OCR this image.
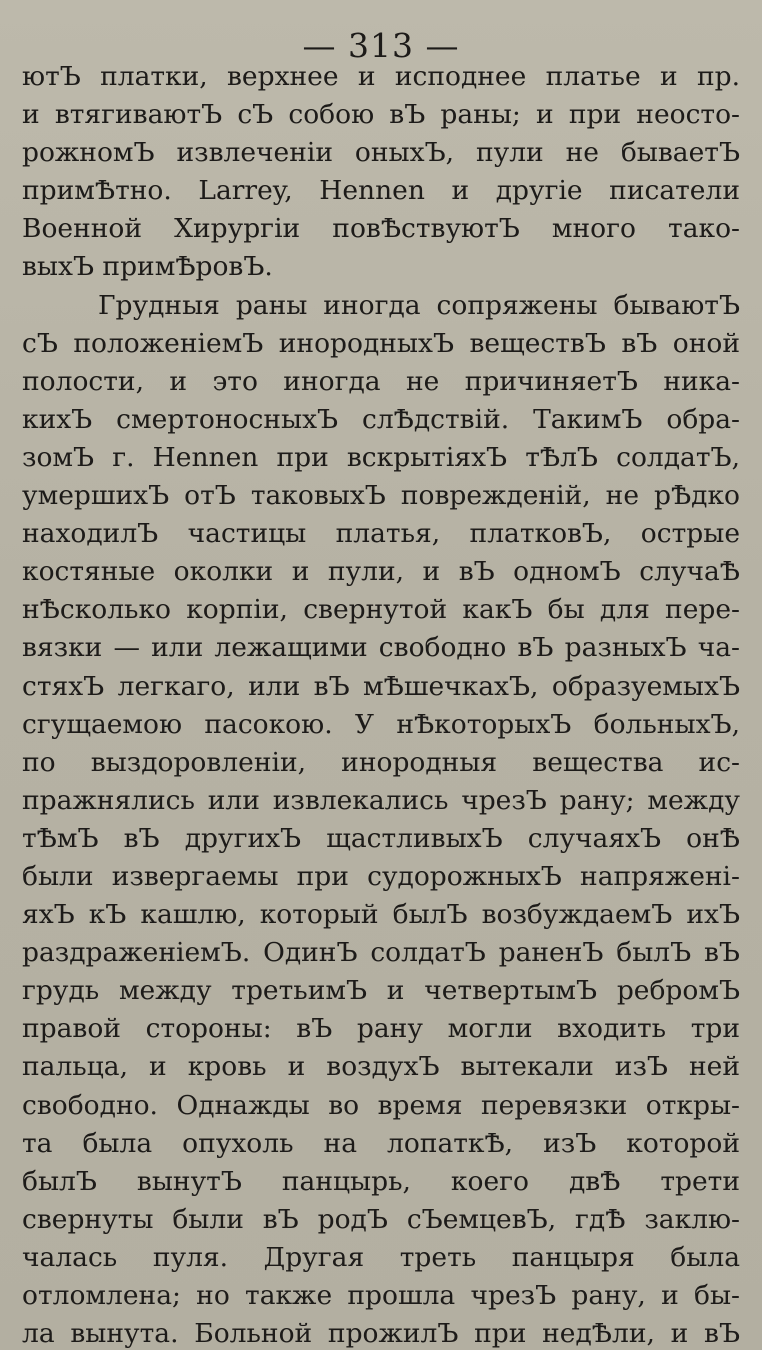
— 313 —
ютЪ платки, верхнее и исподнее платье и пр.
и втягиваютЪ сЪ собою вЪ раны; и при неосто-
рожномЪ извлеченіи оныхЪ, пули не бываетЪ
примѢтно. Larrey, Hennen и другіе писатели
Военной Хирургіи повѢствуютЪ много тако-
выхЪ примѢровЪ.
Грудныя раны иногда сопряжены бываютЪ
сЪ положеніемЪ инородныхЪ веществЪ вЪ оной
полости, и это иногда не причиняетЪ ника-
кихЪ смертоносныхЪ слѢдствій. ТакимЪ обра-
зомЪ г. Hennen при вскрытіяхЪ тѢлЪ солдатЪ,
умершихЪ отЪ таковыхЪ поврежденій, не рѢдко
находилЪ частицы платья, платковЪ, острые
костяные околки и пули, и вЪ одномЪ случаѢ
нѢсколько корпіи, свернутой какЪ бы для пере-
вязки — или лежащими свободно вЪ разныхЪ ча-
стяхЪ легкаго, или вЪ мѢшечкахЪ, образуемыхЪ
сгущаемою пасокою. У нѢкоторыхЪ больныхЪ,
по выздоровленіи, инородныя вещества ис-
пражнялись или извлекались чрезЪ рану; между
тѢмЪ вЪ другихЪ щастливыхЪ случаяхЪ онѢ
были извергаемы при судорожныхЪ напряжені-
яхЪ кЪ кашлю, который былЪ возбуждаемЪ ихЪ
раздраженіемЪ. ОдинЪ солдатЪ раненЪ былЪ вЪ
грудь между третьимЪ и четвертымЪ ребромЪ
правой стороны: вЪ рану могли входить три
пальца, и кровь и воздухЪ вытекали изЪ ней
свободно. Однажды во время перевязки откры-
та была опухоль на лопаткѢ, изЪ которой
былЪ вынутЪ панцырь, коего двѢ трети
свернуты были вЪ родЪ сЪемцевЪ, гдѢ заклю-
чалась пуля. Другая треть панцыря была
отломлена; но также прошла чрезЪ рану, и бы-
ла вынута. Больной прожилЪ при недѢли, и вЪ
